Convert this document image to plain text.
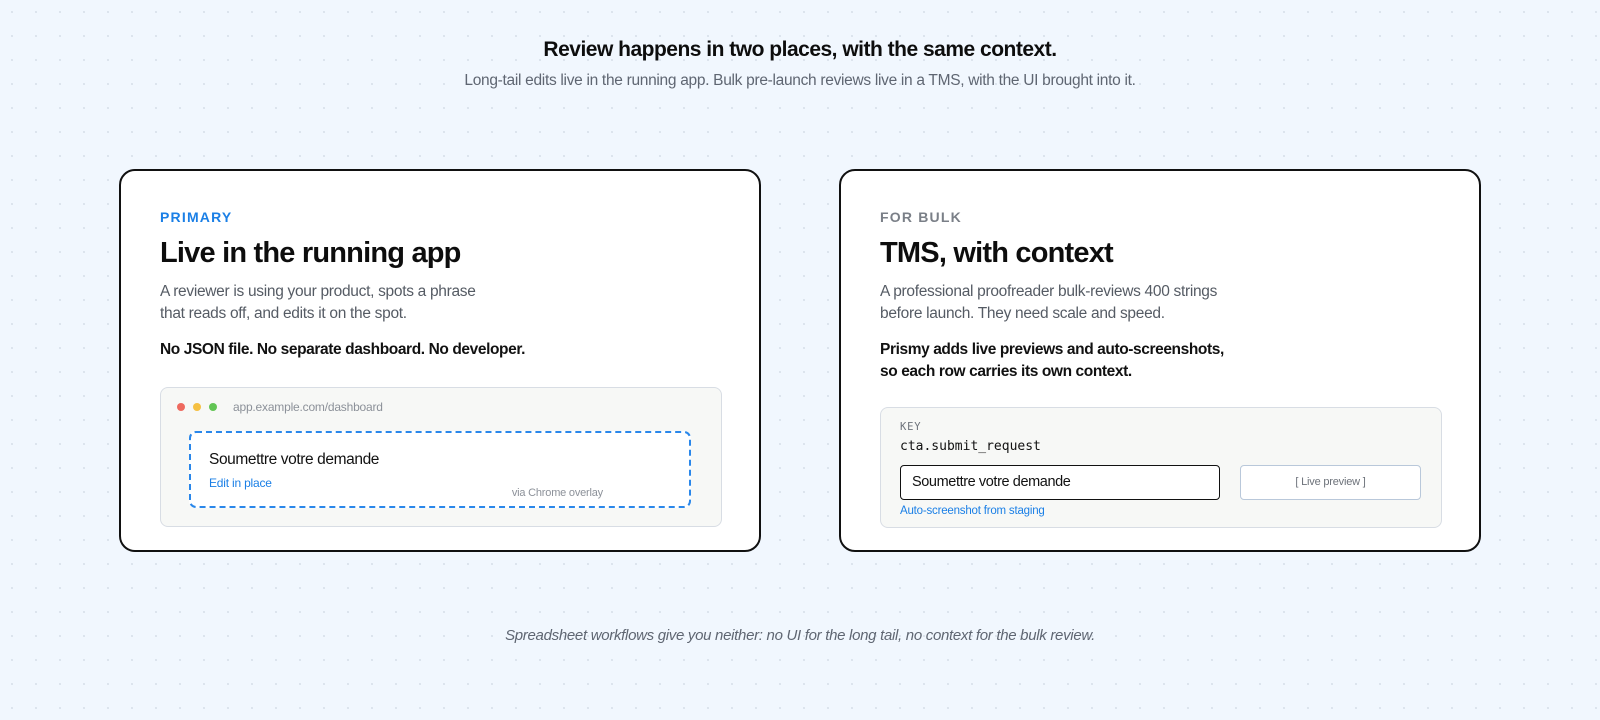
Review happens in two places, with the same context.

Long-tail edits live in the running app. Bulk pre-launch reviews live in a TMS, with the UI brought into it.

PRIMARY
Live in the running app

A reviewer is using your product, spots a phrase
that reads off, and edits it on the spot.

No JSON file. No separate dashboard. No developer.

app.example.com/dashboard
Soumettre votre demande
Edit in place
via Chrome overlay
FOR BULK
TMS, with context

A professional proofreader bulk-reviews 400 strings
before launch. They need scale and speed.

Prismy adds live previews and auto-screenshots,
so each row carries its own context.

KEY
cta.submit_request
Soumettre votre demande	[ Live preview ]
Auto-screenshot from staging

Spreadsheet workflows give you neither: no UI for the long tail, no context for the bulk review.
